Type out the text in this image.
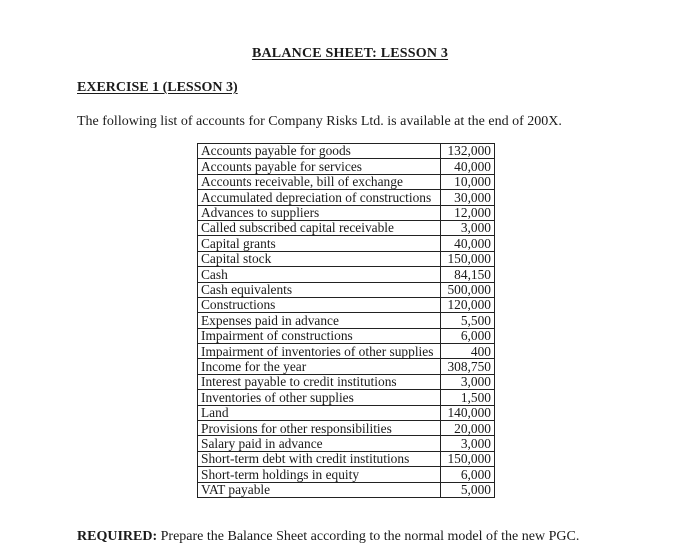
BALANCE SHEET: LESSON 3
EXERCISE 1 (LESSON 3)
The following list of accounts for Company Risks Ltd. is available at the end of 200X.
Accounts payable for goods	132,000
Accounts payable for services	40,000
Accounts receivable, bill of exchange	10,000
Accumulated depreciation of constructions	30,000
Advances to suppliers	12,000
Called subscribed capital receivable	3,000
Capital grants	40,000
Capital stock	150,000
Cash	84,150
Cash equivalents	500,000
Constructions	120,000
Expenses paid in advance	5,500
Impairment of constructions	6,000
Impairment of inventories of other supplies	400
Income for the year	308,750
Interest payable to credit institutions	3,000
Inventories of other supplies	1,500
Land	140,000
Provisions for other responsibilities	20,000
Salary paid in advance	3,000
Short-term debt with credit institutions	150,000
Short-term holdings in equity	6,000
VAT payable	5,000
REQUIRED: Prepare the Balance Sheet according to the normal model of the new PGC.
